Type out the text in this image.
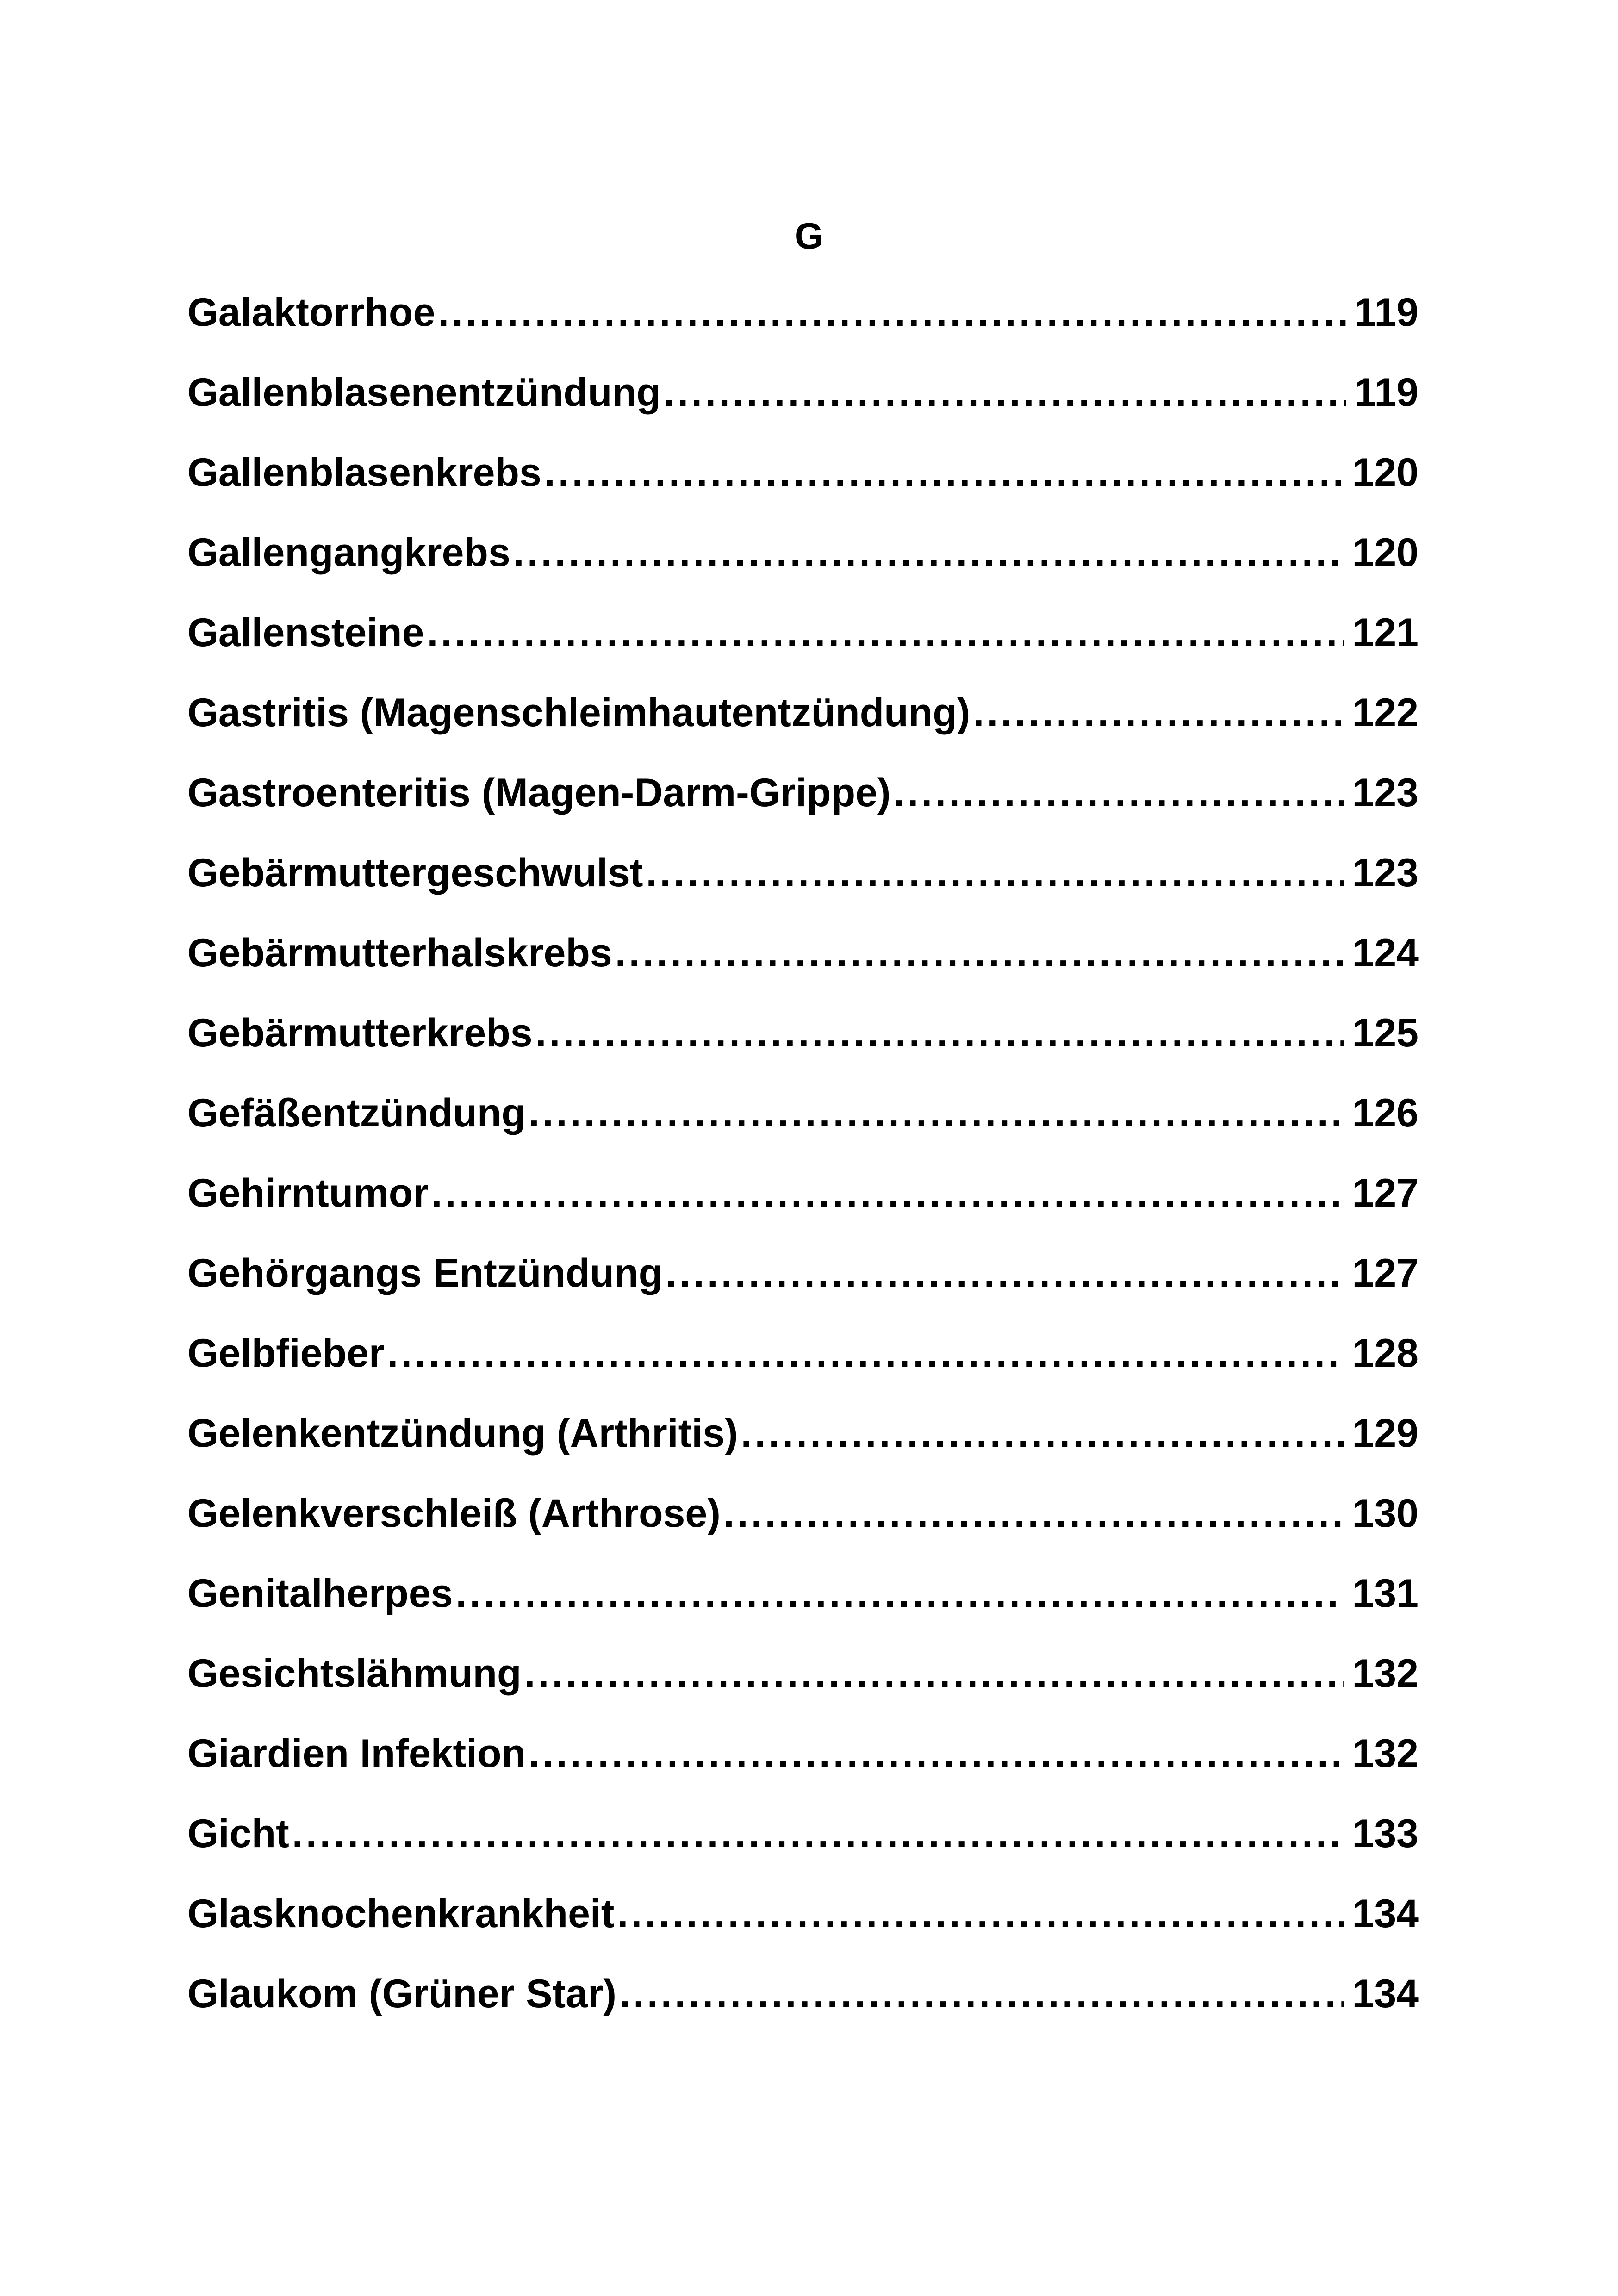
G
Galaktorrhoe .....	119
Gallenblasenentzündung .....	119
Gallenblasenkrebs .....	120
Gallengangkrebs .....	120
Gallensteine .....	121
Gastritis (Magenschleimhautentzündung) .....	122
Gastroenteritis (Magen-Darm-Grippe) .....	123
Gebärmuttergeschwulst .....	123
Gebärmutterhalskrebs .....	124
Gebärmutterkrebs .....	125
Gefäßentzündung .....	126
Gehirntumor .....	127
Gehörgangs Entzündung .....	127
Gelbfieber .....	128
Gelenkentzündung (Arthritis) .....	129
Gelenkverschleiß (Arthrose) .....	130
Genitalherpes .....	131
Gesichtslähmung .....	132
Giardien Infektion .....	132
Gicht .....	133
Glasknochenkrankheit .....	134
Glaukom (Grüner Star) .....	134
